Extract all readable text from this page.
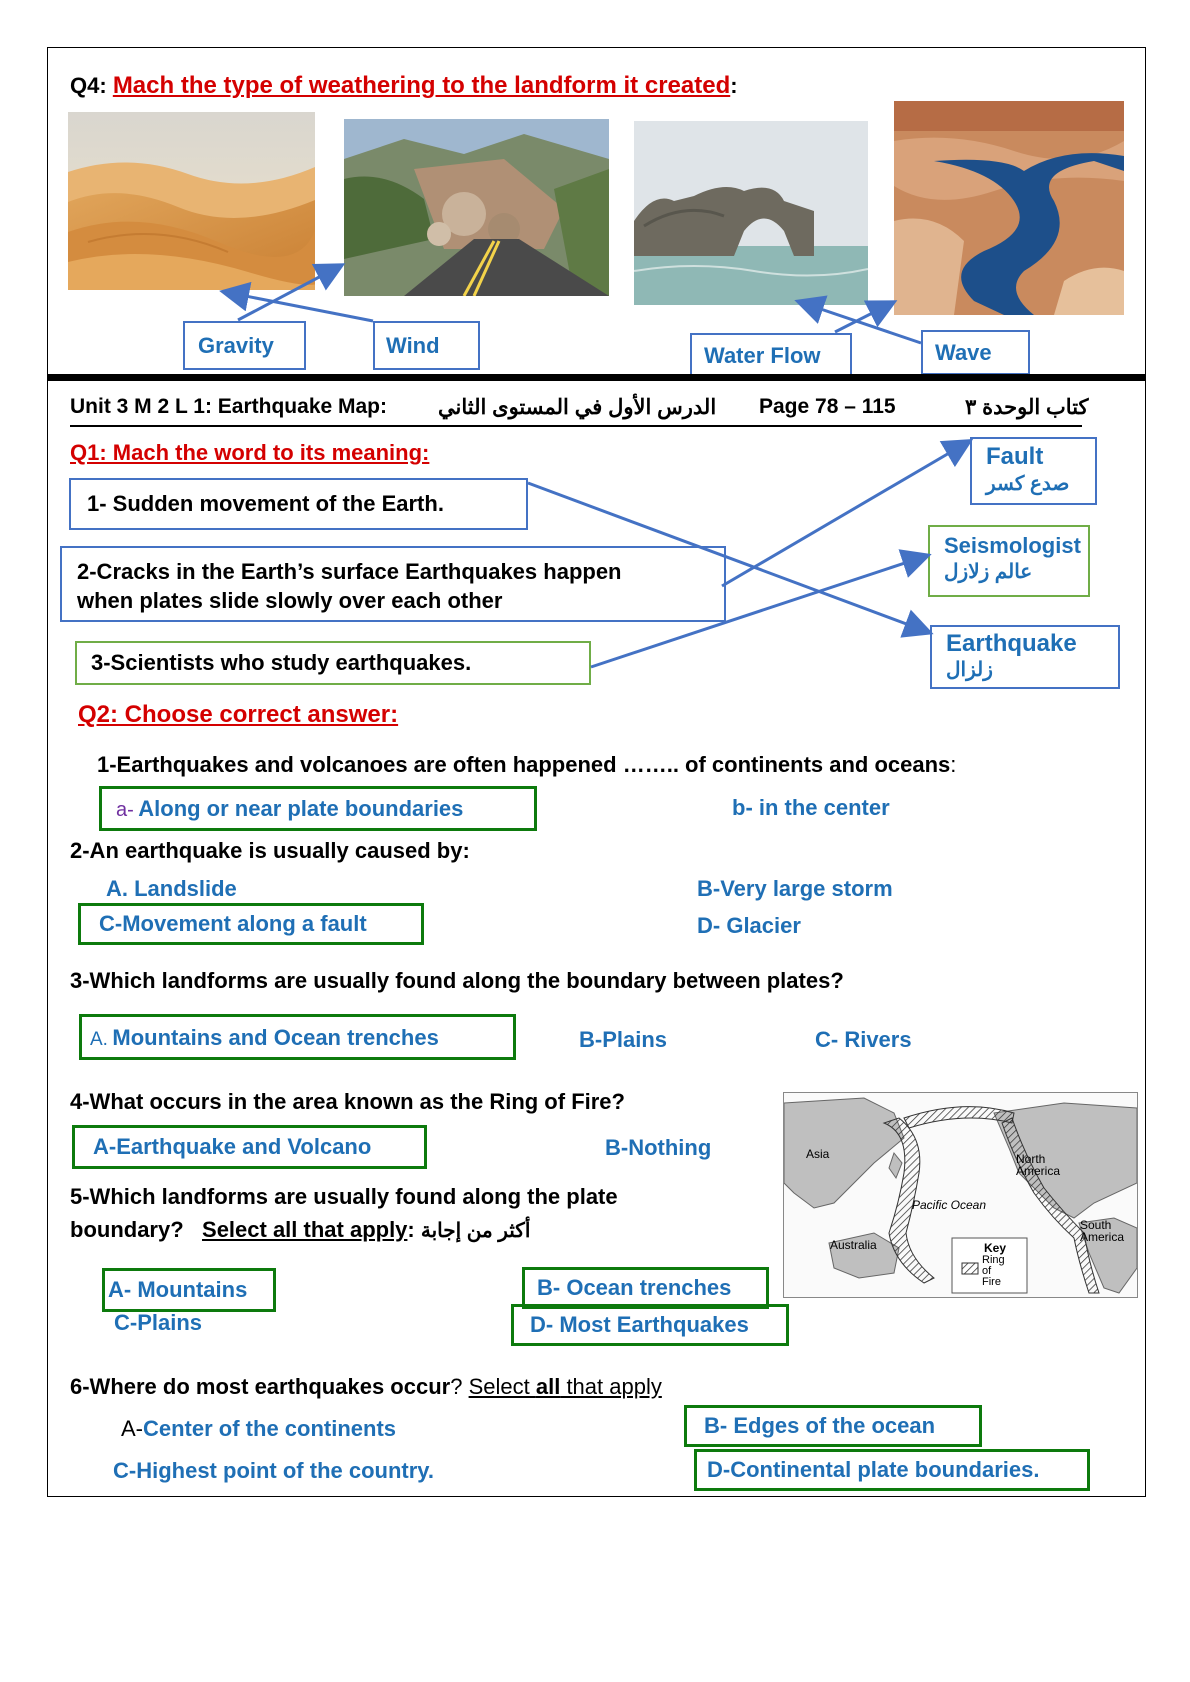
Q4: Mach the type of weathering to the landform it created:
Gravity	Wind	Water Flow	Wave
Unit 3 M 2 L 1: Earthquake Map: الدرس الأول في المستوى الثاني Page 78 – 115	كتاب الوحدة ٣
Q1: Mach the word to its meaning:
1- Sudden movement of the Earth.
2-Cracks in the Earth’s surface Earthquakes happen
when plates slide slowly over each other
3-Scientists who study earthquakes.
Fault
صدع كسر
Seismologist
عالم زلازل
Earthquake
زلزال
Q2: Choose correct answer:
1-Earthquakes and volcanoes are often happened …….. of continents and oceans:
a- Along or near plate boundaries	b- in the center
2-An earthquake is usually caused by:
A. Landslide	B-Very large storm
C-Movement along a fault	D- Glacier
3-Which landforms are usually found along the boundary between plates?
A. Mountains and Ocean trenches	B-Plains	C- Rivers
4-What occurs in the area known as the Ring of Fire?
A-Earthquake and Volcano	B-Nothing
5-Which landforms are usually found along the plate
boundary? Select all that apply: أكثر من إجابة
A- Mountains	B- Ocean trenches
C-Plains	D- Most Earthquakes
6-Where do most earthquakes occur? Select all that apply
A-Center of the continents	B- Edges of the ocean
C-Highest point of the country.	D-Continental plate boundaries.
Asia	North
America
Pacific Ocean
South
America
Australia	Key
Ring
of
Fire
